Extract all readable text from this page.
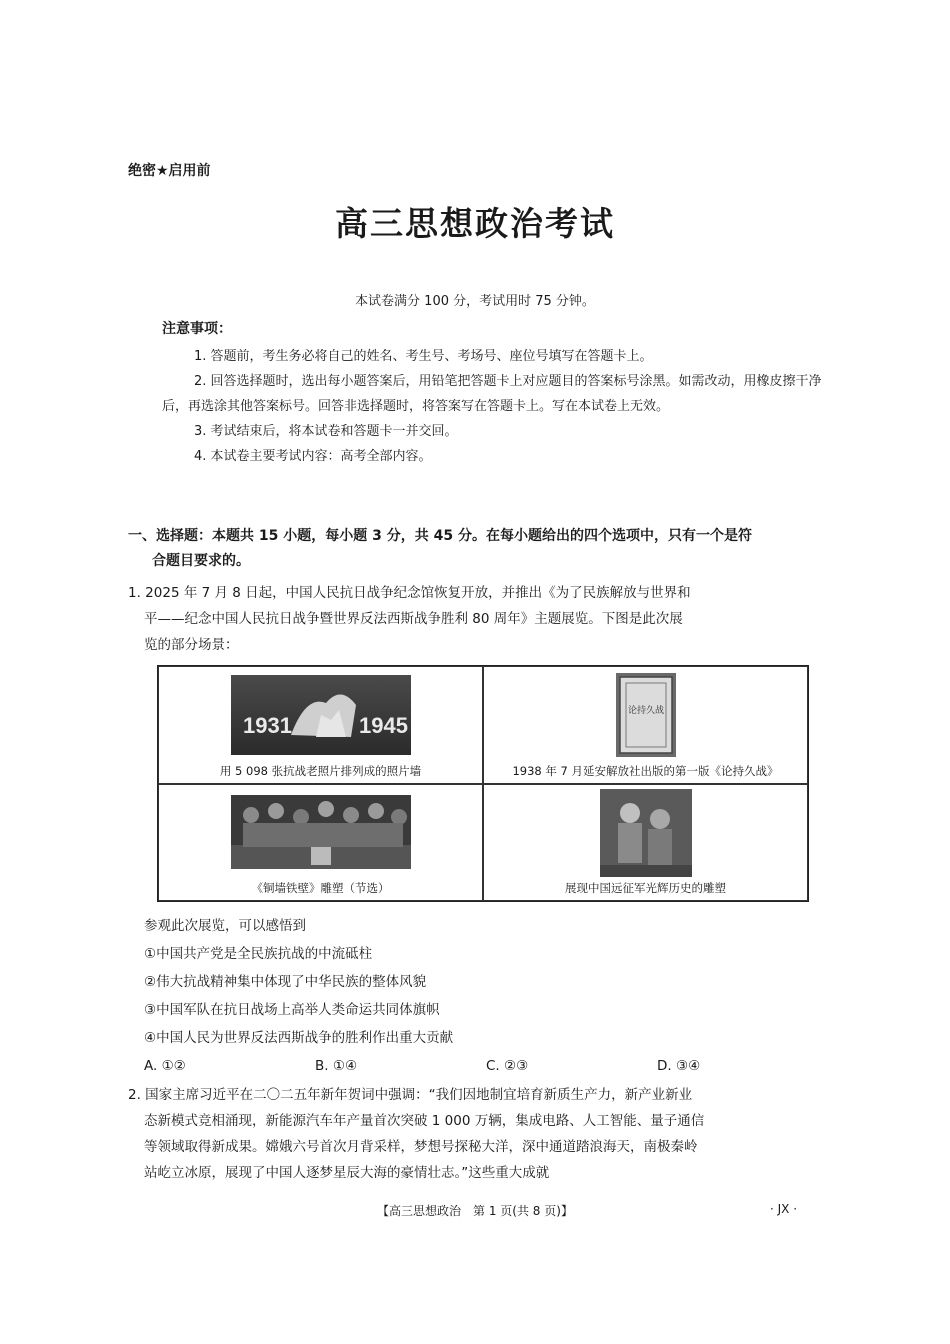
绝密★启用前
高三思想政治考试
本试卷满分 100 分，考试用时 75 分钟。
注意事项：

1. 答题前，考生务必将自己的姓名、考生号、考场号、座位号填写在答题卡上。

2. 回答选择题时，选出每小题答案后，用铅笔把答题卡上对应题目的答案标号涂黑。如需改动，用橡皮擦干净后，再选涂其他答案标号。回答非选择题时，将答案写在答题卡上。写在本试卷上无效。

3. 考试结束后，将本试卷和答题卡一并交回。

4. 本试卷主要考试内容：高考全部内容。

一、选择题：本题共 15 小题，每小题 3 分，共 45 分。在每小题给出的四个选项中，只有一个是符
合题目要求的。
1. 2025 年 7 月 8 日起，中国人民抗日战争纪念馆恢复开放，并推出《为了民族解放与世界和
平——纪念中国人民抗日战争暨世界反法西斯战争胜利 80 周年》主题展览。下图是此次展
览的部分场景：
1931	1945
用 5 098 张抗战老照片排列成的照片墙
论持久战
1938 年 7 月延安解放社出版的第一版《论持久战》
《铜墙铁壁》雕塑（节选）	展现中国远征军光辉历史的雕塑
参观此次展览，可以感悟到
①中国共产党是全民族抗战的中流砥柱
②伟大抗战精神集中体现了中华民族的整体风貌
③中国军队在抗日战场上高举人类命运共同体旗帜
④中国人民为世界反法西斯战争的胜利作出重大贡献
A. ①②	B. ①④	C. ②③	D. ③④
2. 国家主席习近平在二〇二五年新年贺词中强调：“我们因地制宜培育新质生产力，新产业新业
态新模式竞相涌现，新能源汽车年产量首次突破 1 000 万辆，集成电路、人工智能、量子通信
等领域取得新成果。嫦娥六号首次月背采样，梦想号探秘大洋，深中通道踏浪海天，南极秦岭
站屹立冰原，展现了中国人逐梦星辰大海的豪情壮志。”这些重大成就
【高三思想政治　第 1 页(共 8 页)】	· JX ·
